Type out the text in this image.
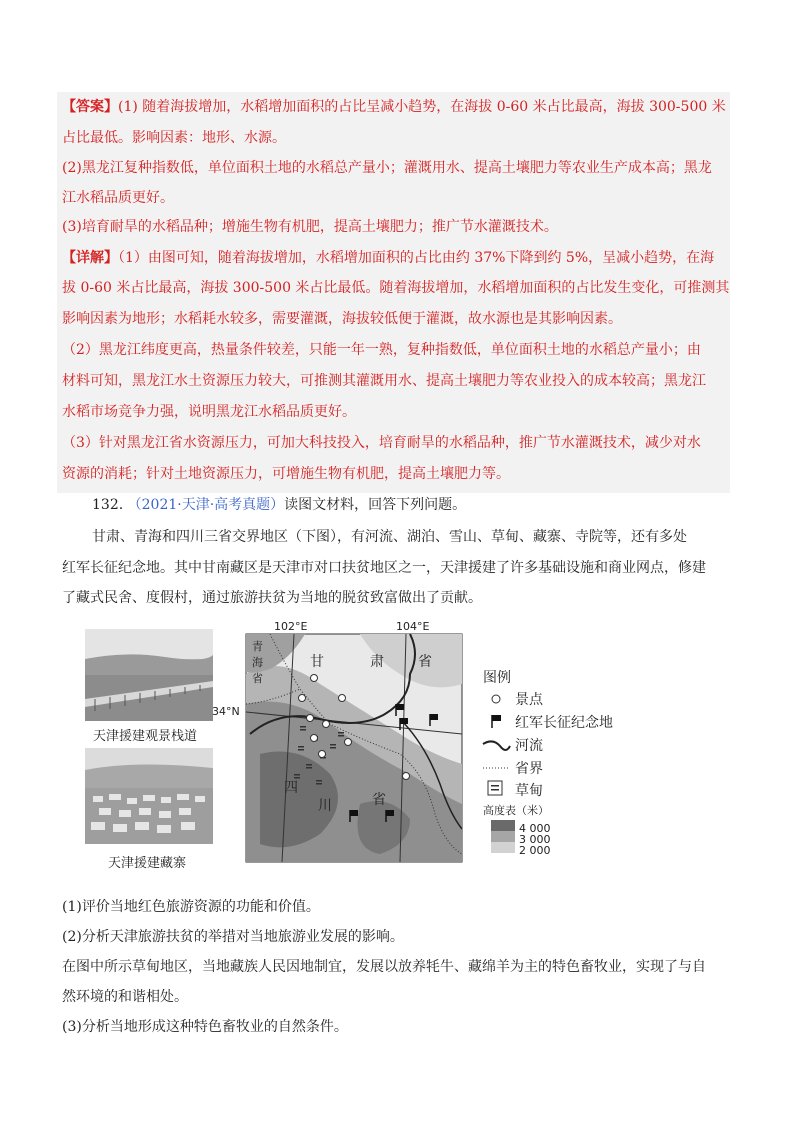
【答案】(1) 随着海拔增加，水稻增加面积的占比呈减小趋势，在海拔 0-60 米占比最高，海拔 300-500 米
占比最低。影响因素：地形、水源。
(2)黑龙江复种指数低，单位面积土地的水稻总产量小；灌溉用水、提高土壤肥力等农业生产成本高；黑龙
江水稻品质更好。
(3)培育耐旱的水稻品种；增施生物有机肥，提高土壤肥力；推广节水灌溉技术。
【详解】（1）由图可知，随着海拔增加，水稻增加面积的占比由约 37%下降到约 5%，呈减小趋势，在海
拔 0-60 米占比最高，海拔 300-500 米占比最低。随着海拔增加，水稻增加面积的占比发生变化，可推测其
影响因素为地形；水稻耗水较多，需要灌溉，海拔较低便于灌溉，故水源也是其影响因素。
（2）黑龙江纬度更高，热量条件较差，只能一年一熟，复种指数低，单位面积土地的水稻总产量小；由
材料可知，黑龙江水土资源压力较大，可推测其灌溉用水、提高土壤肥力等农业投入的成本较高；黑龙江
水稻市场竞争力强，说明黑龙江水稻品质更好。
（3）针对黑龙江省水资源压力，可加大科技投入，培育耐旱的水稻品种，推广节水灌溉技术，减少对水
资源的消耗；针对土地资源压力，可增施生物有机肥，提高土壤肥力等。
132. （2021·天津·高考真题）读图文材料，回答下列问题。
甘肃、青海和四川三省交界地区（下图），有河流、湖泊、雪山、草甸、藏寨、寺院等，还有多处
红军长征纪念地。其中甘南藏区是天津市对口扶贫地区之一，天津援建了许多基础设施和商业网点，修建
了藏式民舍、度假村，通过旅游扶贫为当地的脱贫致富做出了贡献。
天津援建观景栈道
天津援建藏寨
102°E	104°E
34°N
青
海
省
甘	肃 省
四
川	省
图例
景点
红军长征纪念地
河流
省界
草甸
高度表（米）
4 000
3 000
2 000
(1)评价当地红色旅游资源的功能和价值。
(2)分析天津旅游扶贫的举措对当地旅游业发展的影响。
在图中所示草甸地区，当地藏族人民因地制宜，发展以放养牦牛、藏绵羊为主的特色畜牧业，实现了与自
然环境的和谐相处。
(3)分析当地形成这种特色畜牧业的自然条件。
